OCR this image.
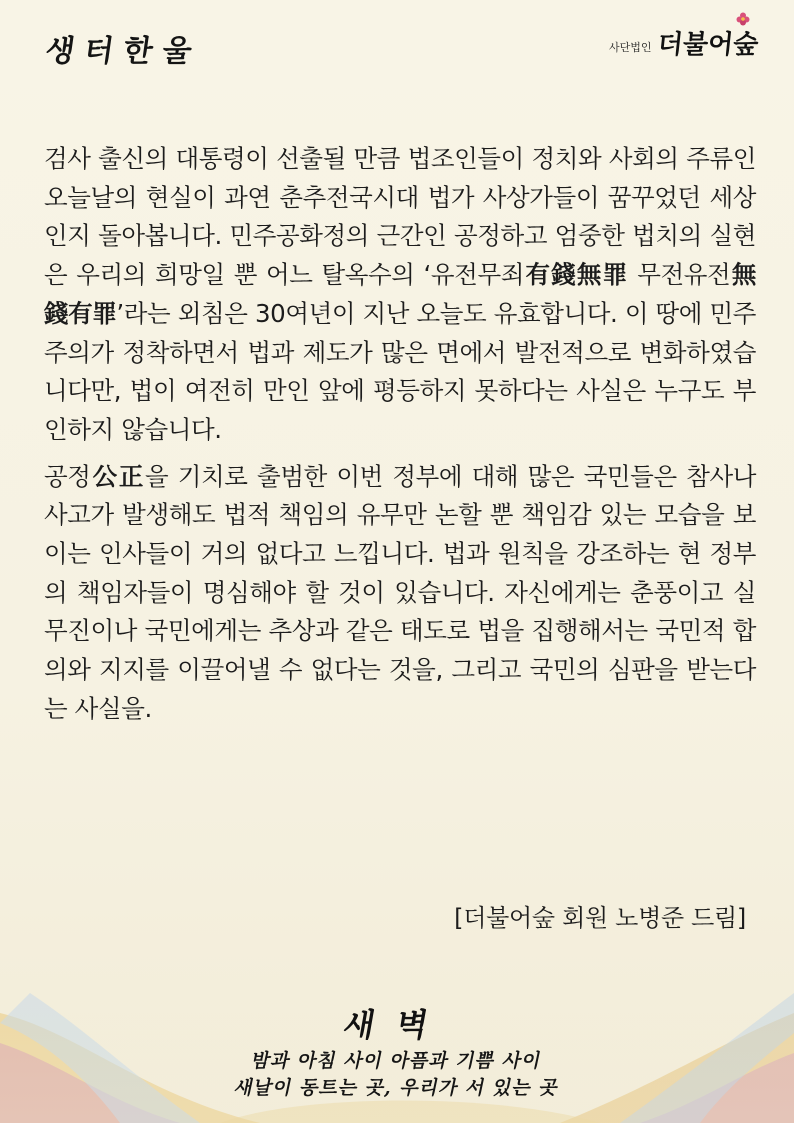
생터한울	사단법인 더불어숲

검사 출신의 대통령이 선출될 만큼 법조인들이 정치와 사회의 주류인 오늘날의 현실이 과연 춘추전국시대 법가 사상가들이 꿈꾸었던 세상인지 돌아봅니다. 민주공화정의 근간인 공정하고 엄중한 법치의 실현은 우리의 희망일 뿐 어느 탈옥수의 ‘유전무죄有錢無罪 무전유전無錢有罪’라는 외침은 30여년이 지난 오늘도 유효합니다. 이 땅에 민주주의가 정착하면서 법과 제도가 많은 면에서 발전적으로 변화하였습니다만, 법이 여전히 만인 앞에 평등하지 못하다는 사실은 누구도 부인하지 않습니다.

공정公正을 기치로 출범한 이번 정부에 대해 많은 국민들은 참사나 사고가 발생해도 법적 책임의 유무만 논할 뿐 책임감 있는 모습을 보이는 인사들이 거의 없다고 느낍니다. 법과 원칙을 강조하는 현 정부의 책임자들이 명심해야 할 것이 있습니다. 자신에게는 춘풍이고 실무진이나 국민에게는 추상과 같은 태도로 법을 집행해서는 국민적 합의와 지지를 이끌어낼 수 없다는 것을, 그리고 국민의 심판을 받는다는 사실을.

[더불어숲 회원 노병준 드림]
새벽
밤과 아침 사이 아픔과 기쁨 사이
새날이 동트는 곳, 우리가 서 있는 곳
